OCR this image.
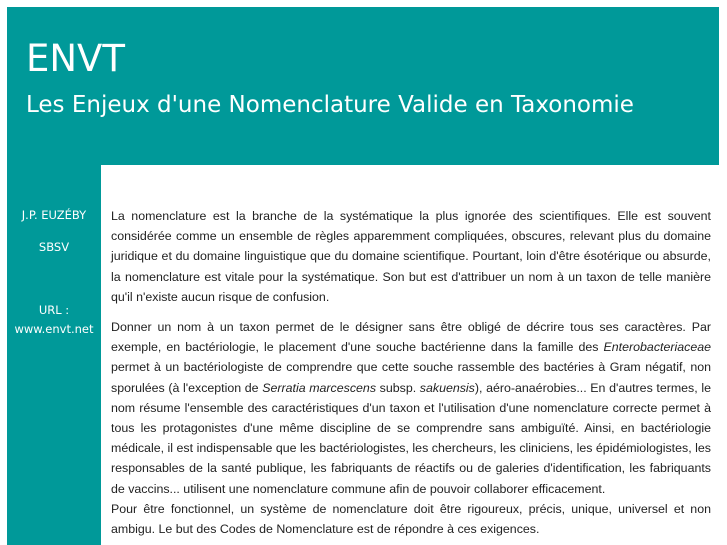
ENVT
Les Enjeux d'une Nomenclature Valide en Taxonomie
J.P. EUZÉBY
SBSV
URL :
www.envt.net

La nomenclature est la branche de la systématique la plus ignorée des scientifiques. Elle est souvent considérée comme un ensemble de règles apparemment compliquées, obscures, relevant plus du domaine juridique et du domaine linguistique que du domaine scientifique. Pourtant, loin d'être ésotérique ou absurde, la nomenclature est vitale pour la systématique. Son but est d'attribuer un nom à un taxon de telle manière qu'il n'existe aucun risque de confusion.

Donner un nom à un taxon permet de le désigner sans être obligé de décrire tous ses caractères. Par exemple, en bactériologie, le placement d'une souche bactérienne dans la famille des Enterobacteriaceae permet à un bactériologiste de comprendre que cette souche rassemble des bactéries à Gram négatif, non sporulées (à l'exception de Serratia marcescens subsp. sakuensis), aéro-anaérobies... En d'autres termes, le nom résume l'ensemble des caractéristiques d'un taxon et l'utilisation d'une nomenclature correcte permet à tous les protagonistes d'une même discipline de se comprendre sans ambiguïté. Ainsi, en bactériologie médicale, il est indispensable que les bactériologistes, les chercheurs, les cliniciens, les épidémiologistes, les responsables de la santé publique, les fabriquants de réactifs ou de galeries d'identification, les fabriquants de vaccins... utilisent une nomenclature commune afin de pouvoir collaborer efficacement.

Pour être fonctionnel, un système de nomenclature doit être rigoureux, précis, unique, universel et non ambigu. Le but des Codes de Nomenclature est de répondre à ces exigences.
